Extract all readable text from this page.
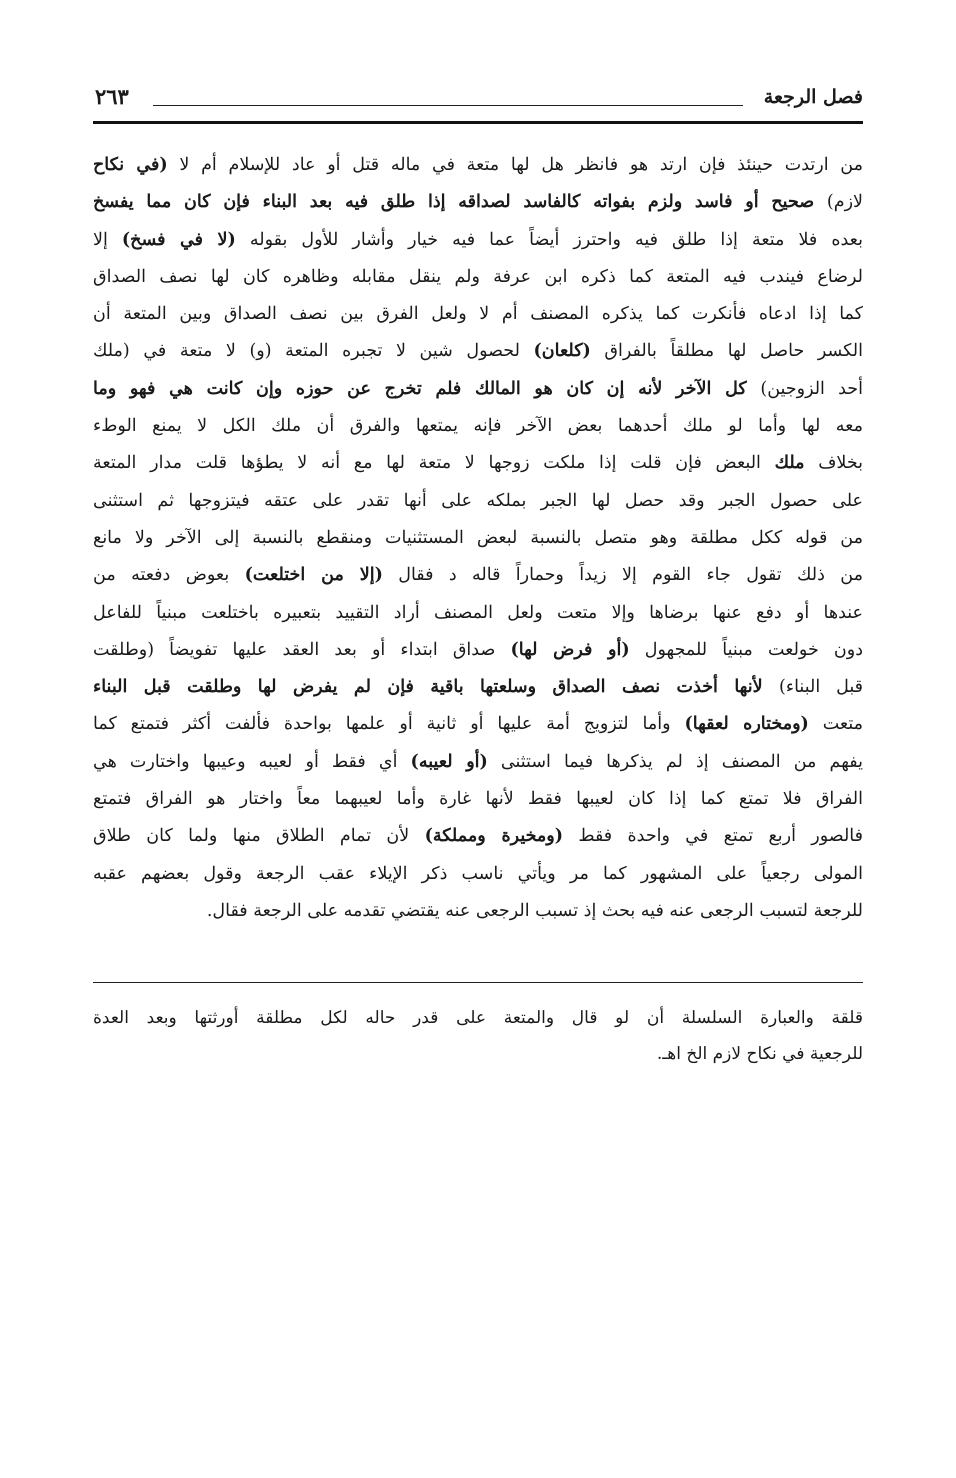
فصل الرجعة
٢٦٣
من ارتدت حينئذ فإن ارتد هو فانظر هل لها متعة في ماله قتل أو عاد للإسلام أم لا (في نكاح
لازم) صحيح أو فاسد ولزم بفواته كالفاسد لصداقه إذا طلق فيه بعد البناء فإن كان مما يفسخ
بعده فلا متعة إذا طلق فيه واحترز أيضاً عما فيه خيار وأشار للأول بقوله (لا في فسخ) إلا
لرضاع فيندب فيه المتعة كما ذكره ابن عرفة ولم ينقل مقابله وظاهره كان لها نصف الصداق
كما إذا ادعاه فأنكرت كما يذكره المصنف أم لا ولعل الفرق بين نصف الصداق وبين المتعة أن
الكسر حاصل لها مطلقاً بالفراق (كلعان) لحصول شين لا تجبره المتعة (و) لا متعة في (ملك
أحد الزوجين) كل الآخر لأنه إن كان هو المالك فلم تخرج عن حوزه وإن كانت هي فهو وما
معه لها وأما لو ملك أحدهما بعض الآخر فإنه يمتعها والفرق أن ملك الكل لا يمنع الوطء
بخلاف ملك البعض فإن قلت إذا ملكت زوجها لا متعة لها مع أنه لا يطؤها قلت مدار المتعة
على حصول الجبر وقد حصل لها الجبر بملكه على أنها تقدر على عتقه فيتزوجها ثم استثنى
من قوله ككل مطلقة وهو متصل بالنسبة لبعض المستثنيات ومنقطع بالنسبة إلى الآخر ولا مانع
من ذلك تقول جاء القوم إلا زيداً وحماراً قاله د فقال (إلا من اختلعت) بعوض دفعته من
عندها أو دفع عنها برضاها وإلا متعت ولعل المصنف أراد التقييد بتعبيره باختلعت مبنياً للفاعل
دون خولعت مبنياً للمجهول (أو فرض لها) صداق ابتداء أو بعد العقد عليها تفويضاً (وطلقت
قبل البناء) لأنها أخذت نصف الصداق وسلعتها باقية فإن لم يفرض لها وطلقت قبل البناء
متعت (ومختاره لعقها) وأما لتزويج أمة عليها أو ثانية أو علمها بواحدة فألفت أكثر فتمتع كما
يفهم من المصنف إذ لم يذكرها فيما استثنى (أو لعيبه) أي فقط أو لعيبه وعيبها واختارت هي
الفراق فلا تمتع كما إذا كان لعيبها فقط لأنها غارة وأما لعيبهما معاً واختار هو الفراق فتمتع
فالصور أربع تمتع في واحدة فقط (ومخيرة ومملكة) لأن تمام الطلاق منها ولما كان طلاق
المولى رجعياً على المشهور كما مر ويأتي ناسب ذكر الإيلاء عقب الرجعة وقول بعضهم عقبه
للرجعة لتسبب الرجعى عنه فيه بحث إذ تسبب الرجعى عنه يقتضي تقدمه على الرجعة فقال.
قلقة والعبارة السلسلة أن لو قال والمتعة على قدر حاله لكل مطلقة أورثتها وبعد العدة
للرجعية في نكاح لازم الخ اهـ.
